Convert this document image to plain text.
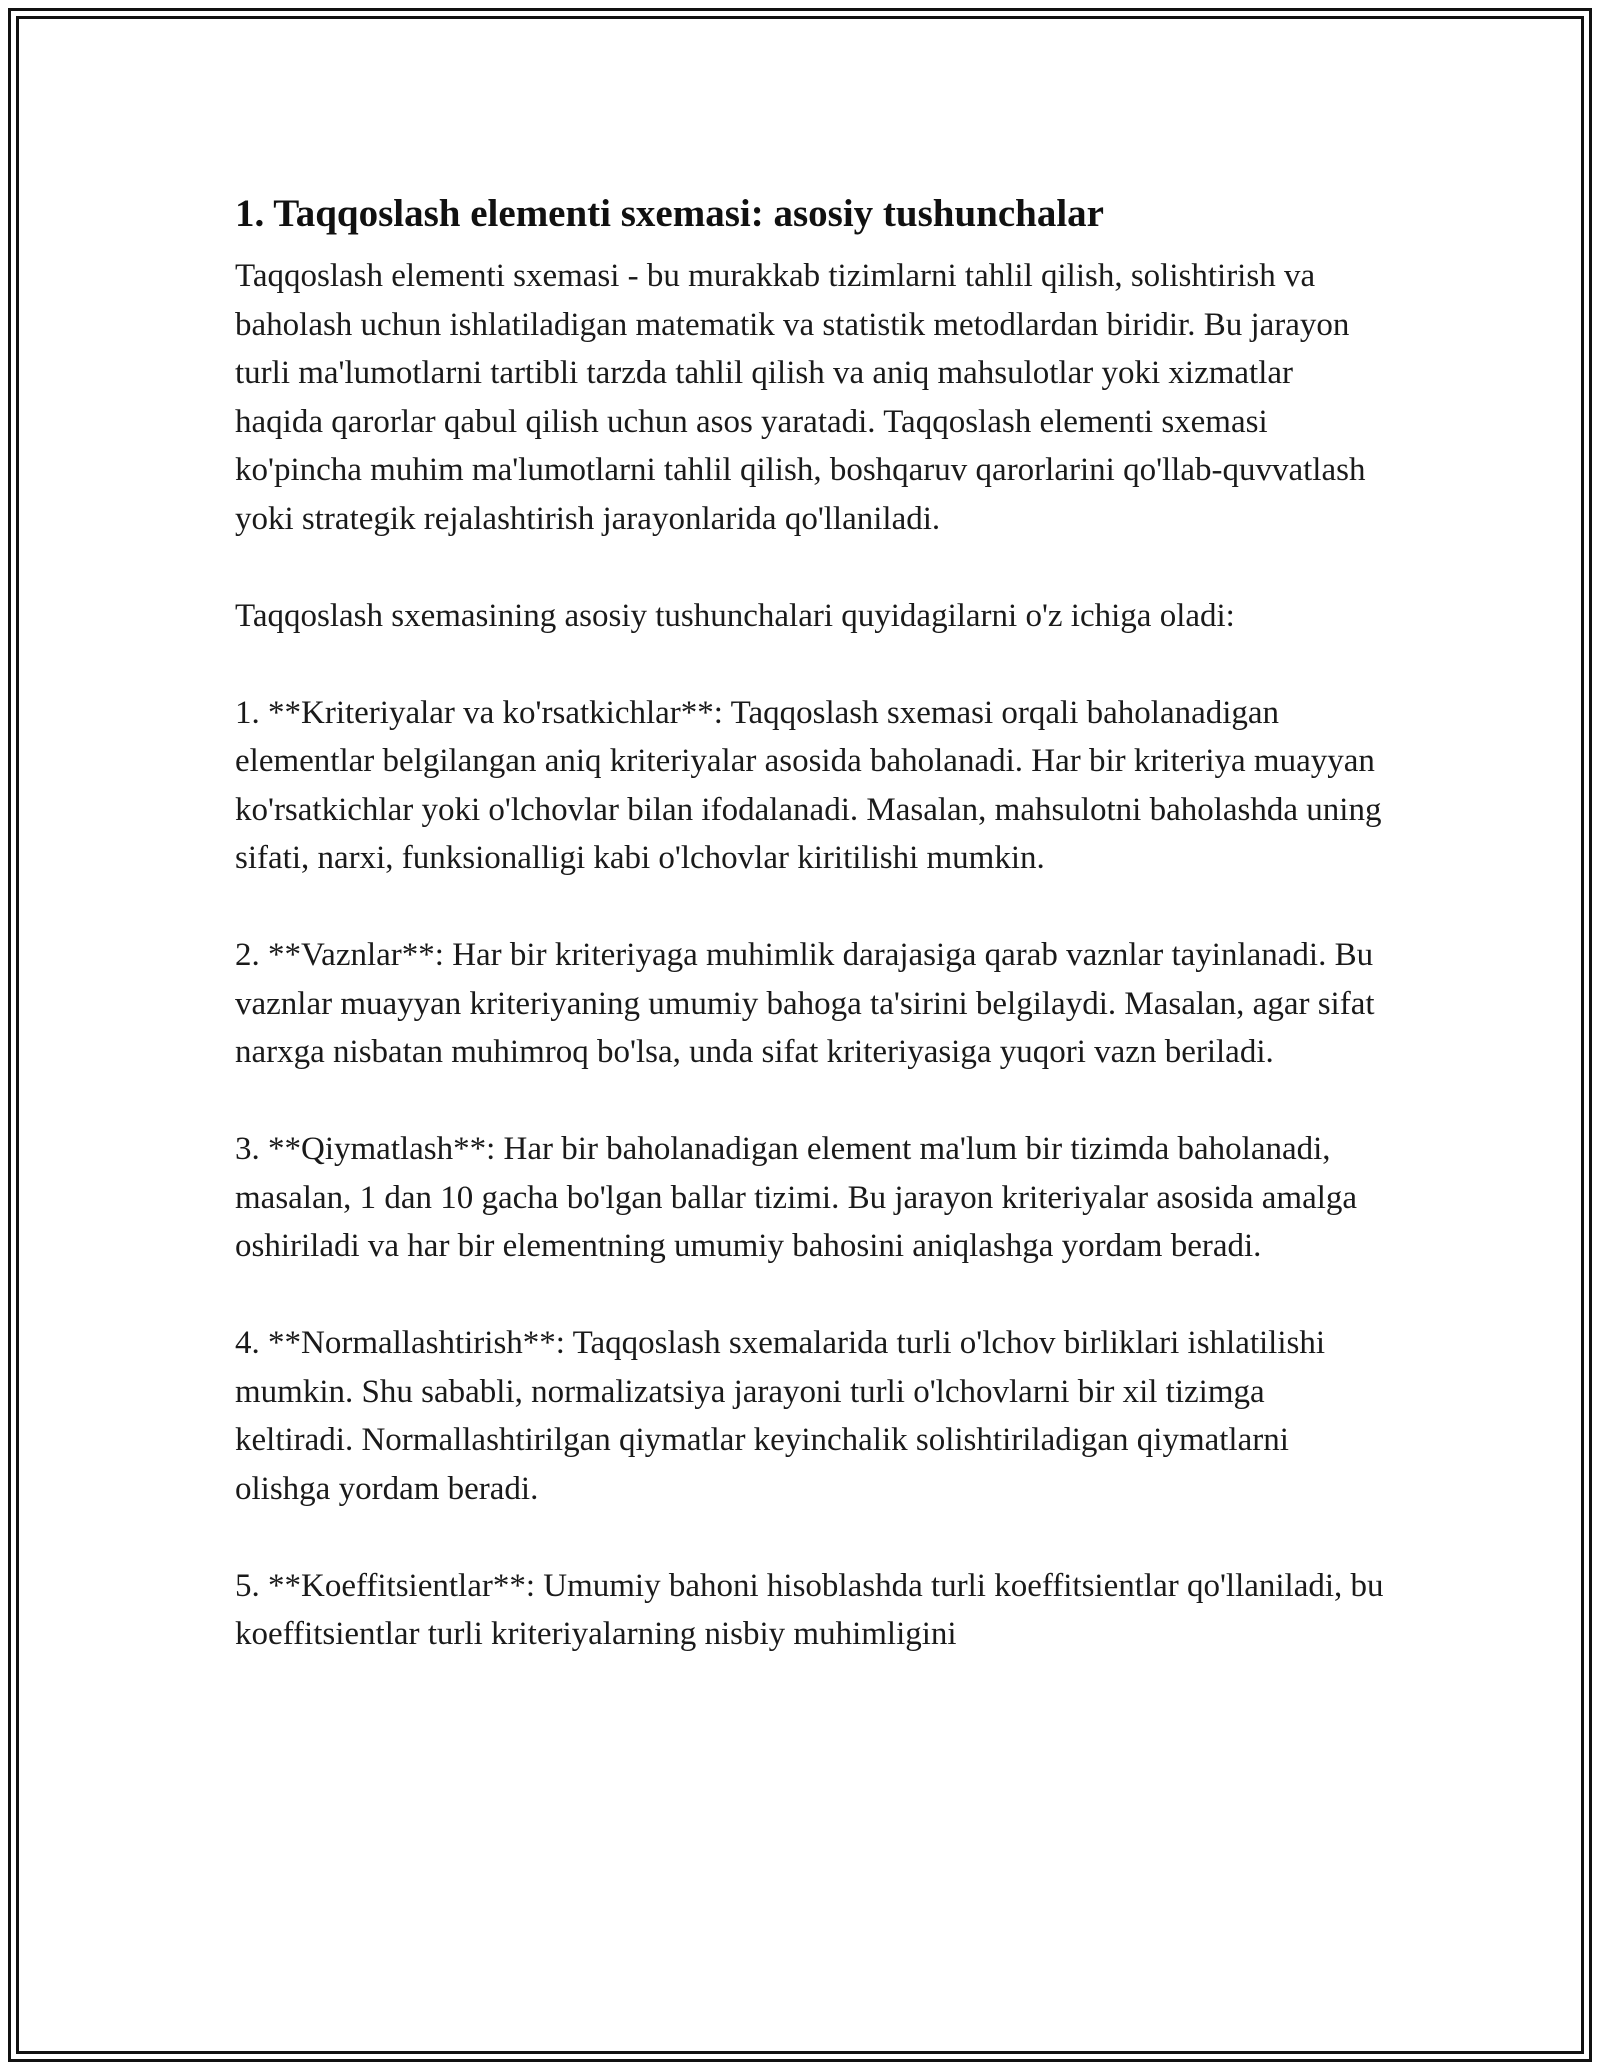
1. Taqqoslash elementi sxemasi: asosiy tushunchalar

Taqqoslash elementi sxemasi - bu murakkab tizimlarni tahlil qilish, solishtirish va baholash uchun ishlatiladigan matematik va statistik metodlardan biridir. Bu jarayon turli ma'lumotlarni tartibli tarzda tahlil qilish va aniq mahsulotlar yoki xizmatlar haqida qarorlar qabul qilish uchun asos yaratadi. Taqqoslash elementi sxemasi ko'pincha muhim ma'lumotlarni tahlil qilish, boshqaruv qarorlarini qo'llab-quvvatlash yoki strategik rejalashtirish jarayonlarida qo'llaniladi.

Taqqoslash sxemasining asosiy tushunchalari quyidagilarni o'z ichiga oladi:

1. **Kriteriyalar va ko'rsatkichlar**: Taqqoslash sxemasi orqali baholanadigan elementlar belgilangan aniq kriteriyalar asosida baholanadi. Har bir kriteriya muayyan ko'rsatkichlar yoki o'lchovlar bilan ifodalanadi. Masalan, mahsulotni baholashda uning sifati, narxi, funksionalligi kabi o'lchovlar kiritilishi mumkin.

2. **Vaznlar**: Har bir kriteriyaga muhimlik darajasiga qarab vaznlar tayinlanadi. Bu vaznlar muayyan kriteriyaning umumiy bahoga ta'sirini belgilaydi. Masalan, agar sifat narxga nisbatan muhimroq bo'lsa, unda sifat kriteriyasiga yuqori vazn beriladi.

3. **Qiymatlash**: Har bir baholanadigan element ma'lum bir tizimda baholanadi, masalan, 1 dan 10 gacha bo'lgan ballar tizimi. Bu jarayon kriteriyalar asosida amalga oshiriladi va har bir elementning umumiy bahosini aniqlashga yordam beradi.

4. **Normallashtirish**: Taqqoslash sxemalarida turli o'lchov birliklari ishlatilishi mumkin. Shu sababli, normalizatsiya jarayoni turli o'lchovlarni bir xil tizimga keltiradi. Normallashtirilgan qiymatlar keyinchalik solishtiriladigan qiymatlarni olishga yordam beradi.

5. **Koeffitsientlar**: Umumiy bahoni hisoblashda turli koeffitsientlar qo'llaniladi, bu koeffitsientlar turli kriteriyalarning nisbiy muhimligini
